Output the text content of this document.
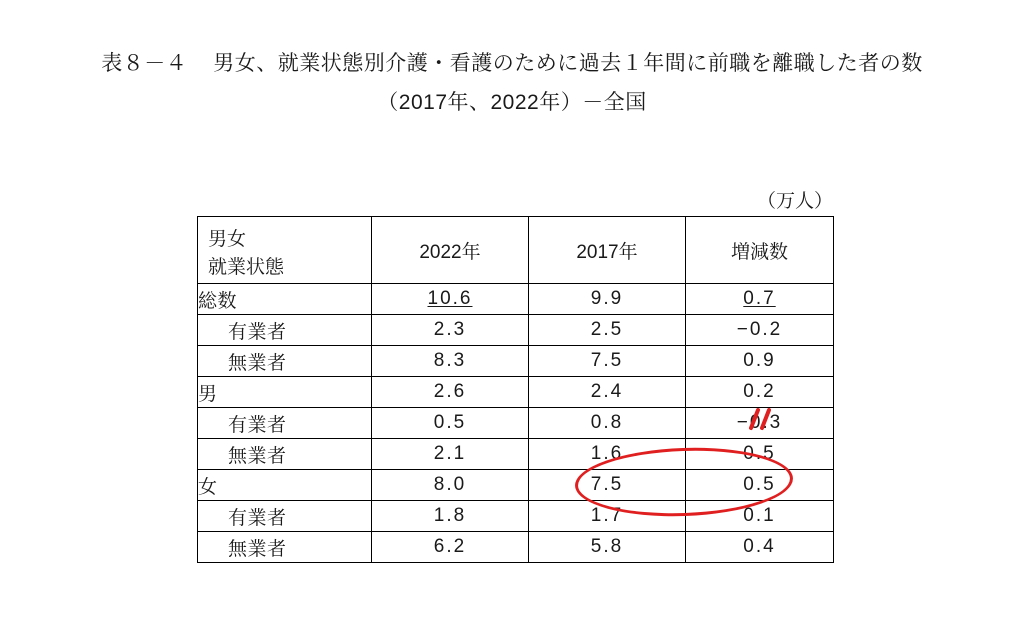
表８－４ 男女、就業状態別介護・看護のために過去１年間に前職を離職した者の数
（2017年、2022年）－全国
（万人）
男女
就業状態	2022年	2017年	増減数
総数	10.6	9.9	0.7
有業者	2.3	2.5	−0.2
無業者	8.3	7.5	0.9
男	2.6	2.4	0.2
有業者	0.5	0.8	−0.3
無業者	2.1	1.6	0.5
女	8.0	7.5	0.5
有業者	1.8	1.7	0.1
無業者	6.2	5.8	0.4
